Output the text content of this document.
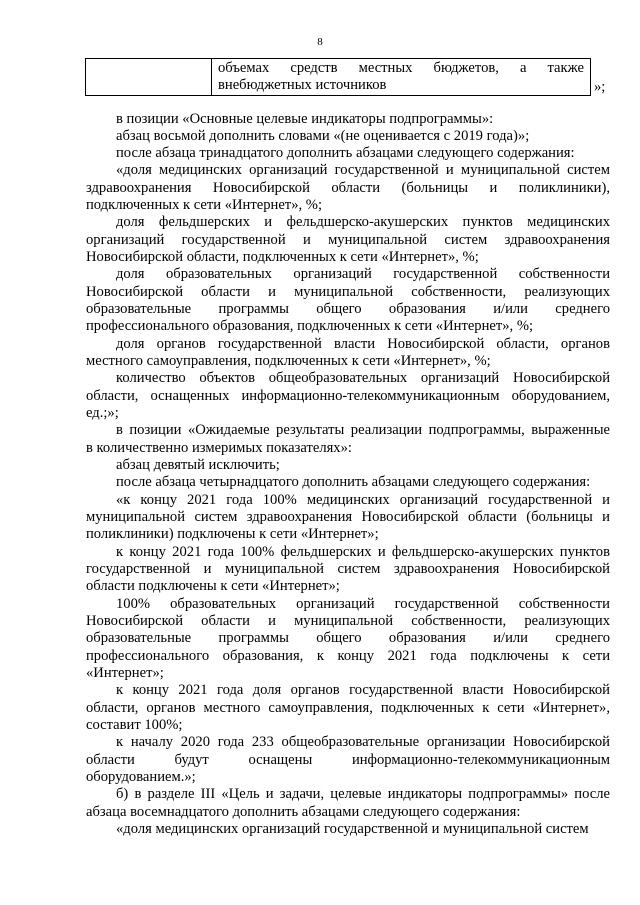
8

объемах средств местных бюджетов, а также
внебюджетных источников	»;
в позиции «Основные целевые индикаторы подпрограммы»:
абзац восьмой дополнить словами «(не оценивается с 2019 года)»;
после абзаца тринадцатого дополнить абзацами следующего содержания:
«доля медицинских организаций государственной и муниципальной систем
здравоохранения Новосибирской области (больницы и поликлиники),
подключенных к сети «Интернет», %;
доля фельдшерских и фельдшерско-акушерских пунктов медицинских
организаций государственной и муниципальной систем здравоохранения
Новосибирской области, подключенных к сети «Интернет», %;
доля образовательных организаций государственной собственности
Новосибирской области и муниципальной собственности, реализующих
образовательные программы общего образования и/или среднего
профессионального образования, подключенных к сети «Интернет», %;
доля органов государственной власти Новосибирской области, органов
местного самоуправления, подключенных к сети «Интернет», %;
количество объектов общеобразовательных организаций Новосибирской
области, оснащенных информационно-телекоммуникационным оборудованием,
ед.;»;
в позиции «Ожидаемые результаты реализации подпрограммы, выраженные
в количественно измеримых показателях»:
абзац девятый исключить;
после абзаца четырнадцатого дополнить абзацами следующего содержания:
«к концу 2021 года 100% медицинских организаций государственной и
муниципальной систем здравоохранения Новосибирской области (больницы и
поликлиники) подключены к сети «Интернет»;
к концу 2021 года 100% фельдшерских и фельдшерско-акушерских пунктов
государственной и муниципальной систем здравоохранения Новосибирской
области подключены к сети «Интернет»;
100% образовательных организаций государственной собственности
Новосибирской области и муниципальной собственности, реализующих
образовательные программы общего образования и/или среднего
профессионального образования, к концу 2021 года подключены к сети
«Интернет»;
к концу 2021 года доля органов государственной власти Новосибирской
области, органов местного самоуправления, подключенных к сети «Интернет»,
составит 100%;
к началу 2020 года 233 общеобразовательные организации Новосибирской
области будут оснащены информационно-телекоммуникационным
оборудованием.»;
б) в разделе III «Цель и задачи, целевые индикаторы подпрограммы» после
абзаца восемнадцатого дополнить абзацами следующего содержания:
«доля медицинских организаций государственной и муниципальной систем
